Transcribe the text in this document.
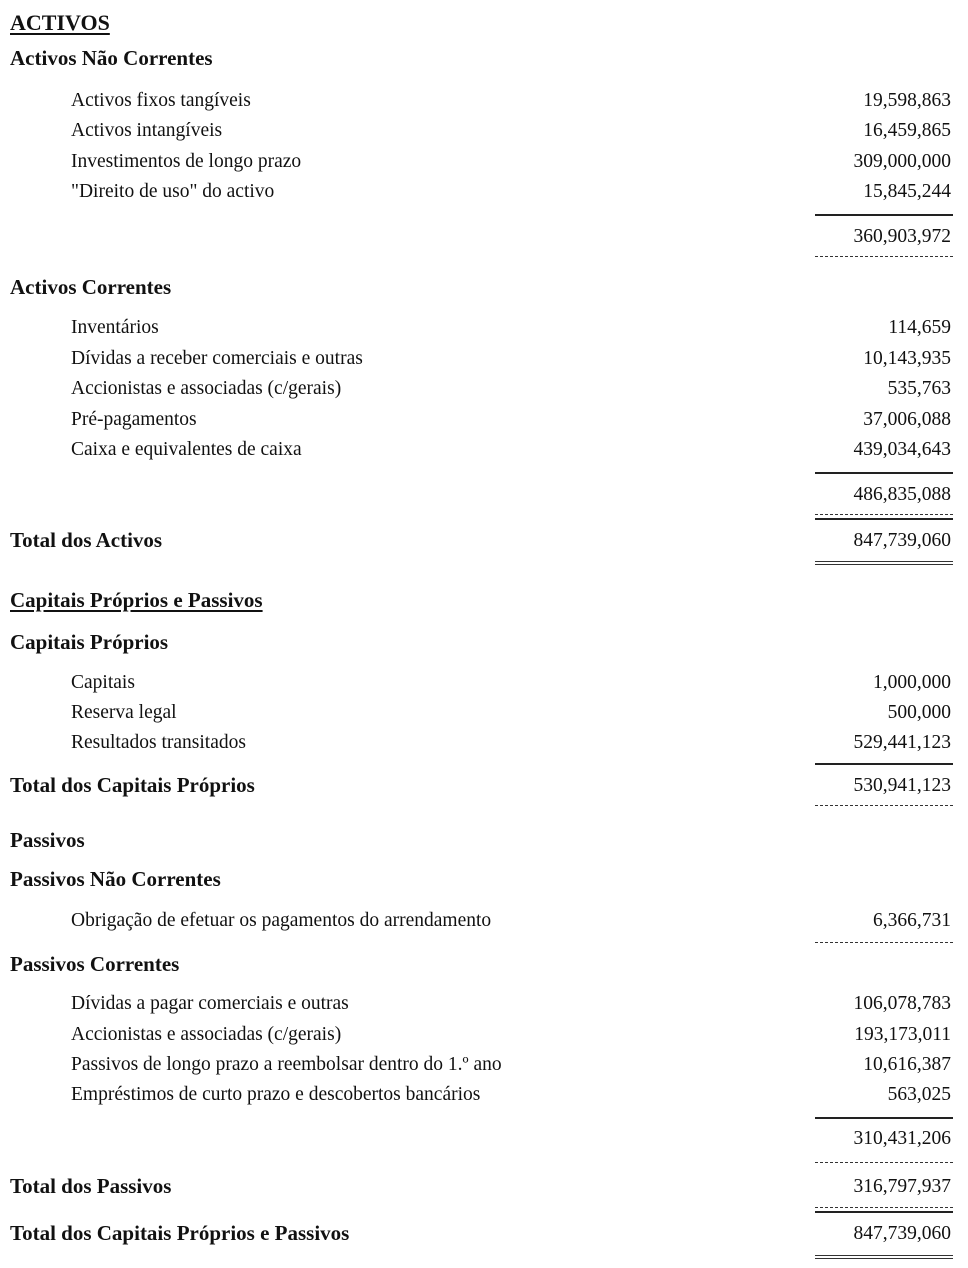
ACTIVOS
Activos Não Correntes
Activos fixos tangíveis	19,598,863
Activos intangíveis	16,459,865
Investimentos de longo prazo	309,000,000
"Direito de uso" do activo	15,845,244
360,903,972
Activos Correntes
Inventários	114,659
Dívidas a receber comerciais e outras	10,143,935
Accionistas e associadas (c/gerais)	535,763
Pré-pagamentos	37,006,088
Caixa e equivalentes de caixa	439,034,643
486,835,088
Total dos Activos	847,739,060
Capitais Próprios e Passivos
Capitais Próprios
Capitais	1,000,000
Reserva legal	500,000
Resultados transitados	529,441,123
Total dos Capitais Próprios	530,941,123
Passivos
Passivos Não Correntes
Obrigação de efetuar os pagamentos do arrendamento	6,366,731
Passivos Correntes
Dívidas a pagar comerciais e outras	106,078,783
Accionistas e associadas (c/gerais)	193,173,011
Passivos de longo prazo a reembolsar dentro do 1.º ano	10,616,387
Empréstimos de curto prazo e descobertos bancários	563,025
310,431,206
Total dos Passivos	316,797,937
Total dos Capitais Próprios e Passivos	847,739,060
